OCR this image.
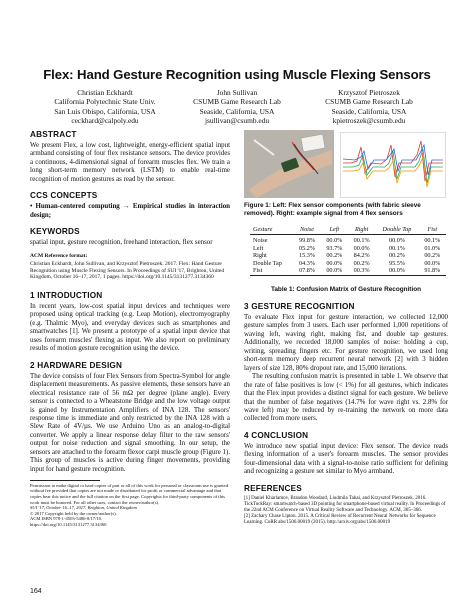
Flex: Hand Gesture Recognition using Muscle Flexing Sensors
Christian Eckhardt
California Polytechnic State Univ.
San Luis Obispo, California, USA
ceckhard@calpoly.edu
John Sullivan
CSUMB Game Research Lab
Seaside, California, USA
jsullivan@csumb.edu
Krzysztof Pietroszek
CSUMB Game Research Lab
Seaside, California, USA
kpietroszek@csumb.edu
ABSTRACT
We present Flex, a low cost, lightweight, energy-efficient spatial input armband consisting of four flex resistance sensors. The device provides a continuous, 4-dimensional signal of forearm muscles flex. We train a long short-term memory network (LSTM) to enable real-time recognition of motion gestures as read by the sensor.
CCS CONCEPTS
• Human-centered computing → Empirical studies in interaction design;
KEYWORDS
spatial input, gesture recognition, freehand interaction, flex sensor
ACM Reference format:
Christian Eckhardt, John Sullivan, and Krzysztof Pietroszek. 2017. Flex: Hand Gesture Recognition using Muscle Flexing Sensors. In Proceedings of SUI '17, Brighton, United Kingdom, October 16–17, 2017, 1 pages. https://doi.org/10.1145/3131277.3134360
1 INTRODUCTION
In recent years, low-cost spatial input devices and techniques were proposed using optical tracking (e.g. Leap Motion), electromyography (e.g. Thalmic Myo), and everyday devices such as smartphones and smartwatches [1]. We present a prototype of a spatial input device that uses forearm muscles' flexing as input. We also report on preliminary results of motion gesture recognition using the device.
2 HARDWARE DESIGN
The device consists of four Flex Sensors from Spectra-Symbol for angle displacement measurements. As passive elements, these sensors have an electrical resistance rate of 56 mΩ per degree (plane angle). Every sensor is connected to a Wheatstone Bridge and the low voltage output is gained by Instrumentation Amplifiers of INA 128. The sensors' response time is immediate and only restricted by the INA 128 with a Slew Rate of 4V/µs. We use Arduino Uno as an analog-to-digital converter. We apply a linear response delay filter to the raw sensors' output for noise reduction and signal smoothing. In our setup, the sensors are attached to the forearm flexor carpi muscle group (Figure 1). This group of muscles is active during finger movements, providing input for hand gesture recognition.
Permission to make digital or hard copies of part or all of this work for personal or classroom use is granted without fee provided that copies are not made or distributed for profit or commercial advantage and that copies bear this notice and the full citation on the first page. Copyrights for third-party components of this work must be honored. For all other uses, contact the owner/author(s).
SUI '17, October 16–17, 2017, Brighton, United Kingdom
© 2017 Copyright held by the owner/author(s).
ACM ISBN 978-1-4503-5486-8/17/10.
https://doi.org/10.1145/3131277.3134360
164
Figure 1: Left: Flex sensor components (with fabric sleeve removed). Right: example signal from 4 flex sensors
Gesture	Noise	Left	Right	Double Tap	Fist

Noise	99.8%	00.0%	00.1%	00.0%	00.1%
Left	05.2%	93.7%	00.0%	00.1%	01.0%
Right	15.3%	00.2%	84.2%	00.2%	00.2%
Double Tap	04.3%	00.0%	00.2%	95.5%	00.0%
Fist	07.8%	00.0%	00.3%	00.0%	91.8%
Table 1: Confusion Matrix of Gesture Recognition
3 GESTURE RECOGNITION
To evaluate Flex input for gesture interaction, we collected 12,000 gesture samples from 3 users. Each user performed 1,000 repetitions of waving left, waving right, making fist, and double tap gestures. Additionally, we recorded 18,000 samples of noise: holding a cup, writing, spreading fingers etc. For gesture recognition, we used long short-term memory deep recurrent neural network [2] with 3 hidden layers of size 128, 80% dropout rate, and 15,000 iterations.
The resulting confusion matrix is presented in table 1. We observe that the rate of false positives is low (< 1%) for all gestures, which indicates that the Flex input provides a distinct signal for each gesture. We believe that the number of false negatives (14.7% for wave right vs. 2.8% for wave left) may be reduced by re-training the network on more data collected from more users.
4 CONCLUSION
We introduce new spatial input device: Flex sensor. The device reads flexing information of a user's forearm muscles. The sensor provides four-dimensional data with a signal-to-noise ratio sufficient for defining and recognizing a gesture set similar to Myo armband.
REFERENCES
[1] Daniel Kharlamov, Brandon Woodard, Liudmila Tahai, and Krzysztof Pietroszek. 2016. TickTockRay: smartwatch-based 3D pointing for smartphone-based virtual reality. In Proceedings of the 22nd ACM Conference on Virtual Reality Software and Technology. ACM, 365–366.
[2] Zachary Chase Lipton. 2015. A Critical Review of Recurrent Neural Networks for Sequence Learning. CoRR abs/1506.00019 (2015). http://arxiv.org/abs/1506.00019
